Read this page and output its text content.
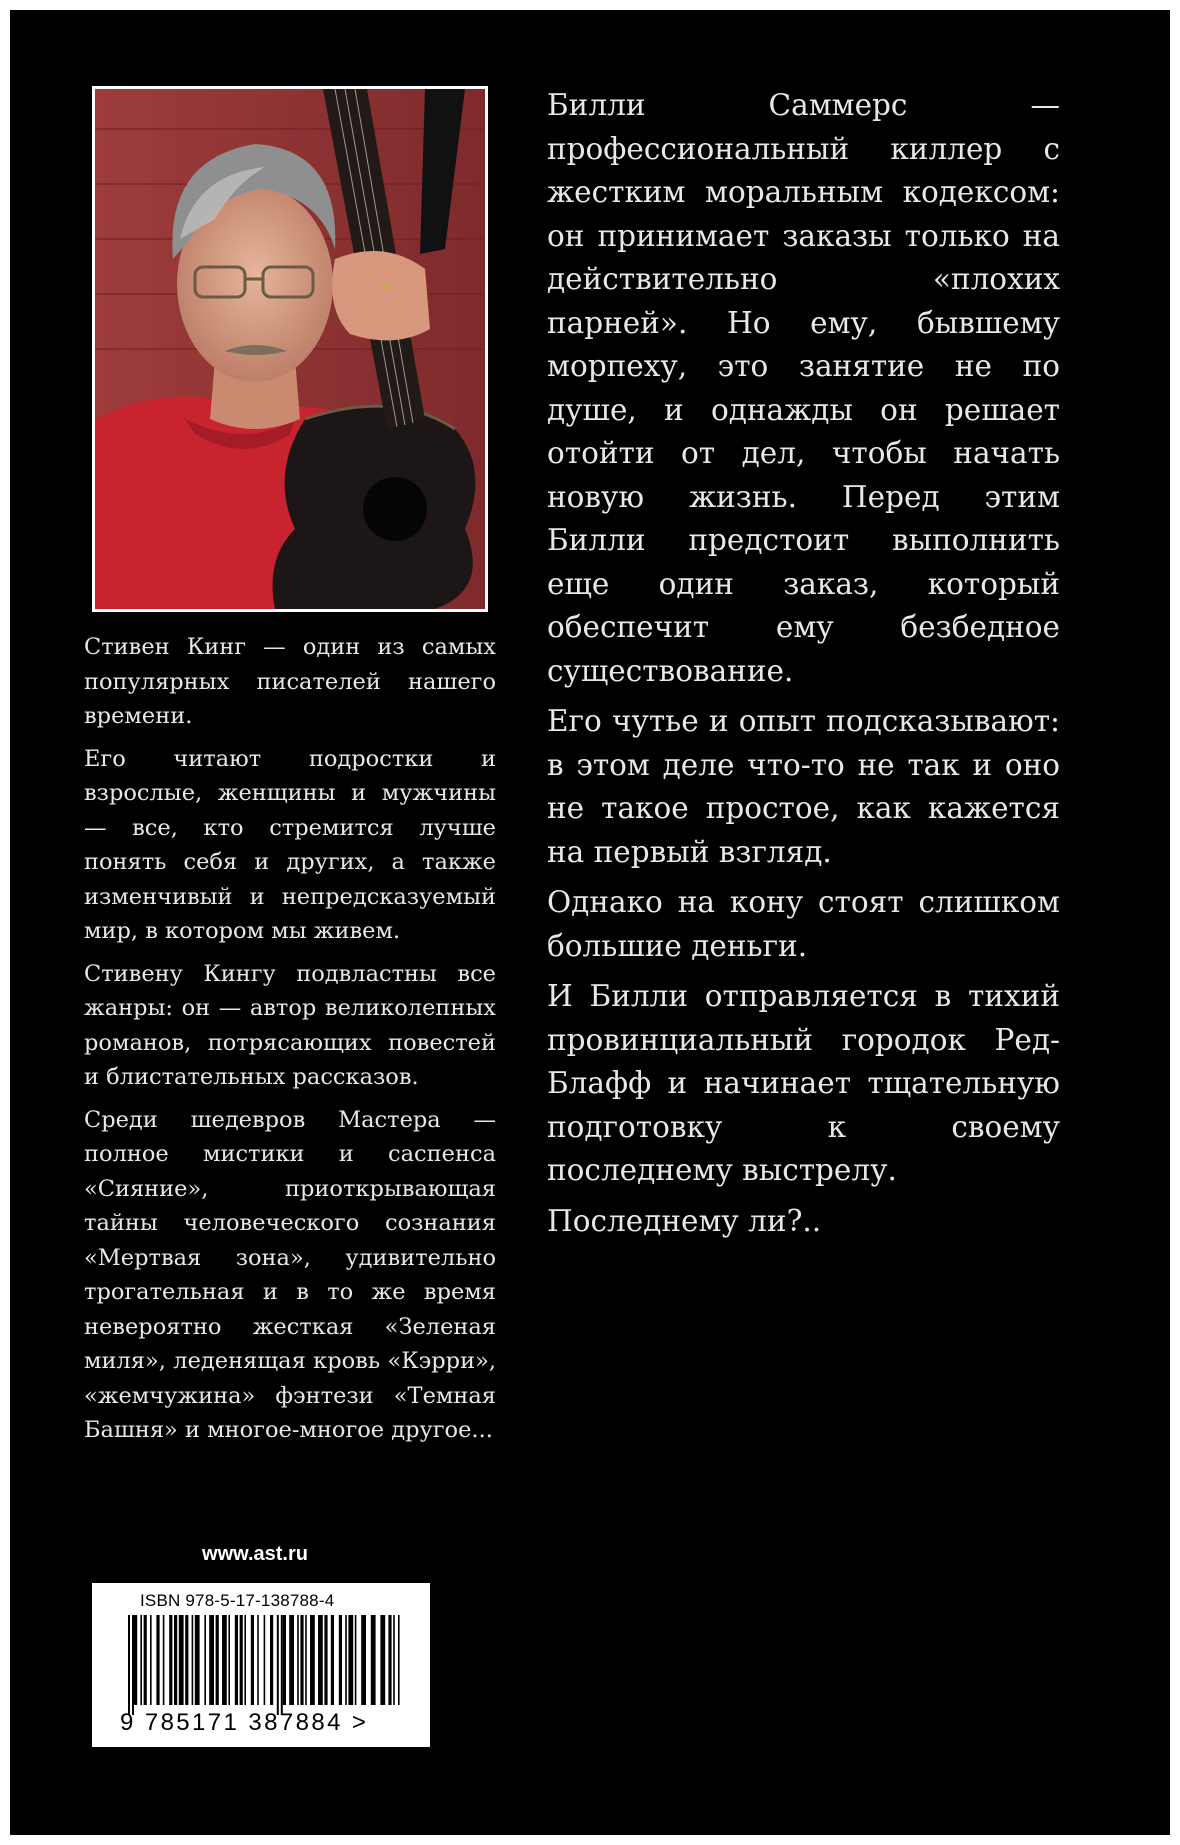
Стивен Кинг — один из самых популярных писателей нашего времени.

Его читают подростки и взрослые, женщины и мужчины — все, кто стремится лучше понять себя и других, а также изменчивый и непредсказуемый мир, в котором мы живем.

Стивену Кингу подвластны все жанры: он — автор великолепных романов, потрясающих повестей и блистательных рассказов.

Среди шедевров Мастера — полное мистики и саспенса «Сияние», приоткрывающая тайны человеческого сознания «Мертвая зона», удивительно трогательная и в то же время невероятно жесткая «Зеленая миля», леденящая кровь «Кэрри», «жемчужина» фэнтези «Темная Башня» и многое-многое другое...

Билли Саммерс — профессиональный киллер с жестким моральным кодексом: он принимает заказы только на действительно «плохих парней». Но ему, бывшему морпеху, это занятие не по душе, и однажды он решает отойти от дел, чтобы начать новую жизнь. Перед этим Билли предстоит выполнить еще один заказ, который обеспечит ему безбедное существование.

Его чутье и опыт подсказывают: в этом деле что-то не так и оно не такое простое, как кажется на первый взгляд.

Однако на кону стоят слишком большие деньги.

И Билли отправляется в тихий провинциальный городок Ред-Блафф и начинает тщательную подготовку к своему последнему выстрелу.

Последнему ли?..

www.ast.ru
ISBN 978-5-17-138788-4
9 785171 387884 >
